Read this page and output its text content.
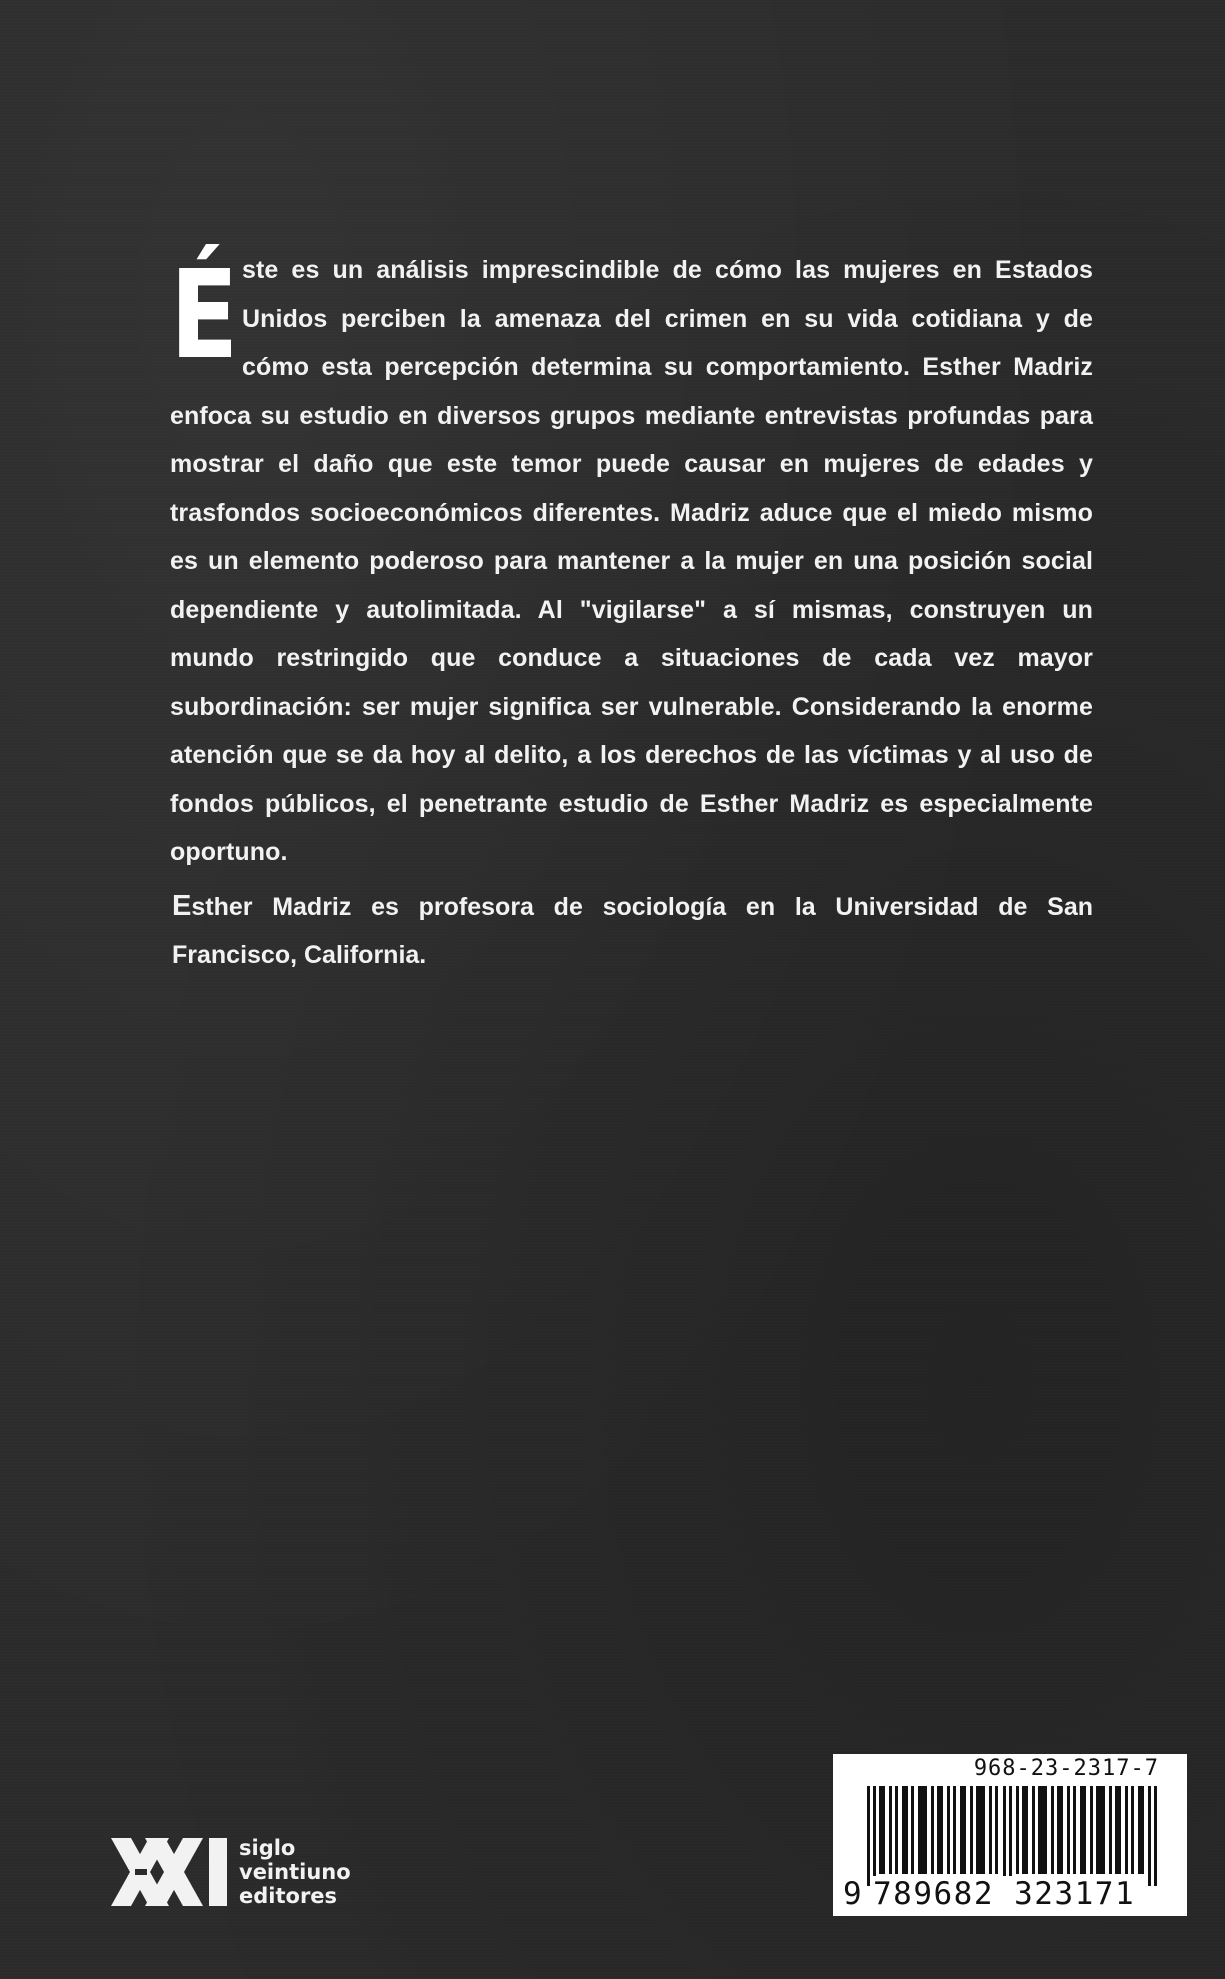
Éste es un análisis imprescindible de cómo las mujeres en Estados Unidos perciben la amenaza del crimen en su vida cotidiana y de cómo esta percepción determina su comportamiento. Esther Madriz enfoca su estudio en diversos grupos mediante entrevistas profundas para mostrar el daño que este temor puede causar en mujeres de edades y trasfondos socioeconómicos diferentes. Madriz aduce que el miedo mismo es un elemento poderoso para mantener a la mujer en una posición social dependiente y autolimitada. Al "vigilarse" a sí mismas, construyen un mundo restringido que conduce a situaciones de cada vez mayor subordinación: ser mujer significa ser vulnerable. Considerando la enorme atención que se da hoy al delito, a los derechos de las víctimas y al uso de fondos públicos, el penetrante estudio de Esther Madriz es especialmente oportuno.
Esther Madriz es profesora de sociología en la Universidad de San Francisco, California.
siglo
veintiuno
editores
968-23-2317-7
9 789682 323171
